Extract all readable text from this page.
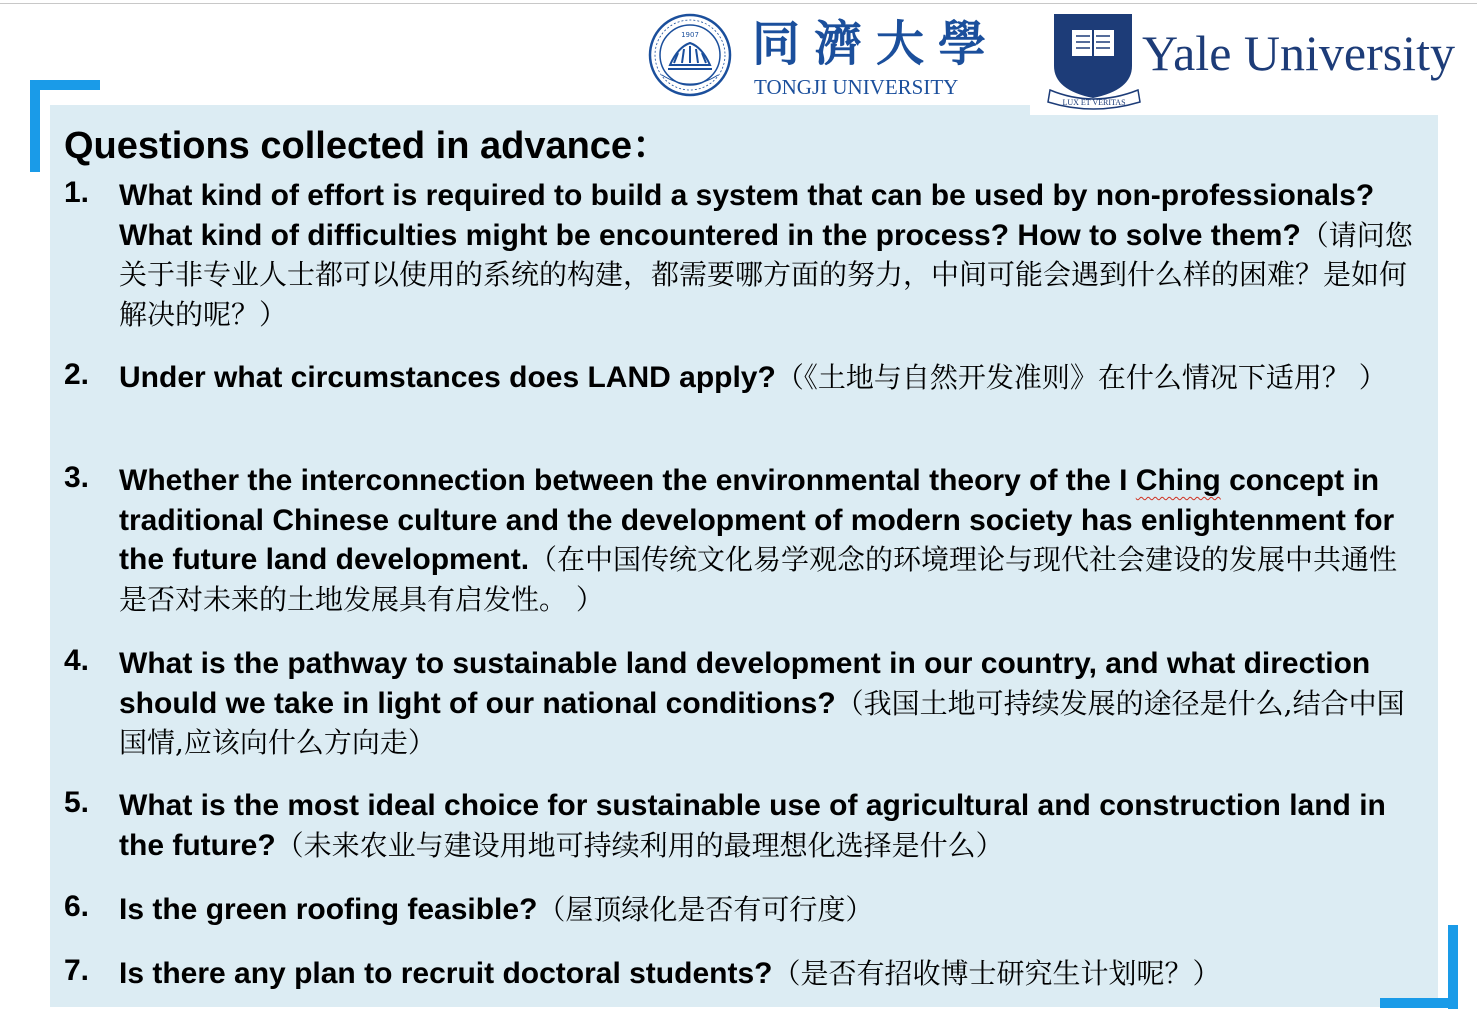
1907 同濟大學
TONGJI UNIVERSITY
LUX ET VERITAS
Yale University
Questions collected in advance：
1. What kind of effort is required to build a system that can be used by non-professionals? What kind of difficulties might be encountered in the process? How to solve them?（请问您关于非专业人士都可以使用的系统的构建，都需要哪方面的努力，中间可能会遇到什么样的困难？是如何解决的呢？）
2. Under what circumstances does LAND apply?（《土地与自然开发准则》在什么情况下适用？ ）
3. Whether the interconnection between the environmental theory of the I Ching concept in traditional Chinese culture and the development of modern society has enlightenment for the future land development.（在中国传统文化易学观念的环境理论与现代社会建设的发展中共通性是否对未来的土地发展具有启发性。 ）
4. What is the pathway to sustainable land development in our country, and what direction should we take in light of our national conditions?（我国土地可持续发展的途径是什么,结合中国国情,应该向什么方向走）
5. What is the most ideal choice for sustainable use of agricultural and construction land in the future?（未来农业与建设用地可持续利用的最理想化选择是什么）
6. Is the green roofing feasible?（屋顶绿化是否有可行度）
7. Is there any plan to recruit doctoral students?（是否有招收博士研究生计划呢？）
